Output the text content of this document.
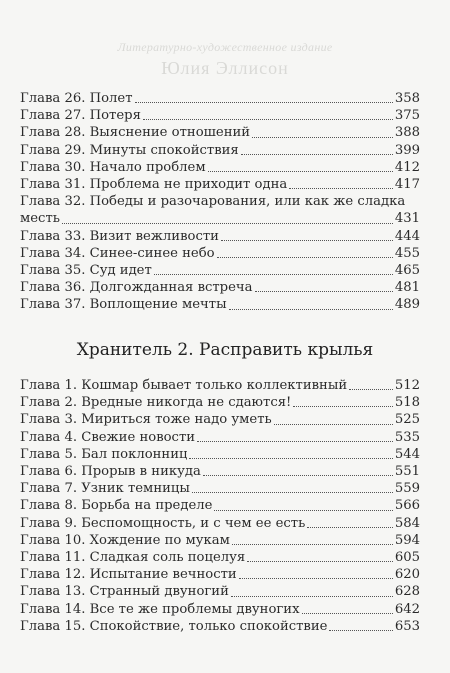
Литературно-художественное издание
Юлия Эллисон
Глава 26. Полет	358
Глава 27. Потеря	375
Глава 28. Выяснение отношений	388
Глава 29. Минуты спокойствия	399
Глава 30. Начало проблем	412
Глава 31. Проблема не приходит одна	417
Глава 32. Победы и разочарования, или как же сладка
месть	431
Глава 33. Визит вежливости	444
Глава 34. Синее-синее небо	455
Глава 35. Суд идет	465
Глава 36. Долгожданная встреча	481
Глава 37. Воплощение мечты	489
Хранитель 2. Расправить крылья
Глава 1. Кошмар бывает только коллективный	512
Глава 2. Вредные никогда не сдаются!	518
Глава 3. Мириться тоже надо уметь	525
Глава 4. Свежие новости	535
Глава 5. Бал поклонниц	544
Глава 6. Прорыв в никуда	551
Глава 7. Узник темницы	559
Глава 8. Борьба на пределе	566
Глава 9. Беспомощность, и с чем ее есть	584
Глава 10. Хождение по мукам	594
Глава 11. Сладкая соль поцелуя	605
Глава 12. Испытание вечности	620
Глава 13. Странный двуногий	628
Глава 14. Все те же проблемы двуногих	642
Глава 15. Спокойствие, только спокойствие	653
